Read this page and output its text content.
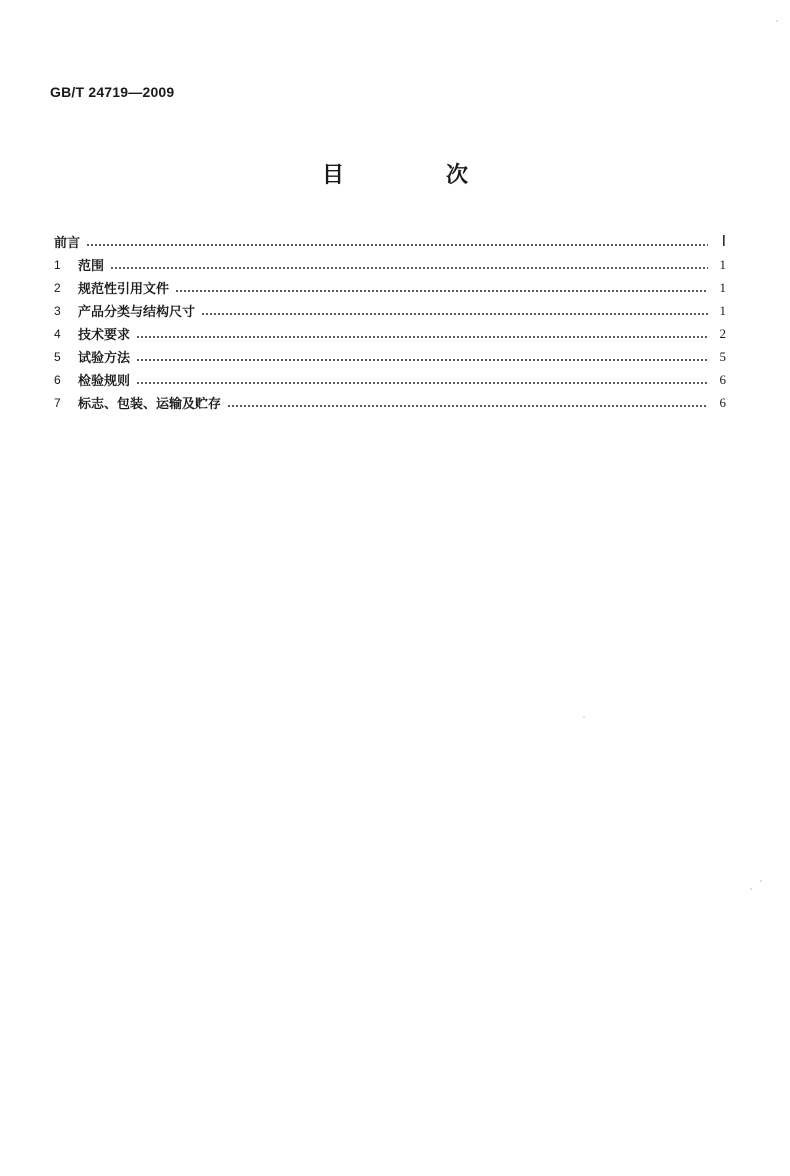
GB/T 24719—2009
目　次
前言	Ⅰ
1	范围	1
2	规范性引用文件	1
3	产品分类与结构尺寸	1
4	技术要求	2
5	试验方法	5
6	检验规则	6
7	标志、包装、运输及贮存	6
